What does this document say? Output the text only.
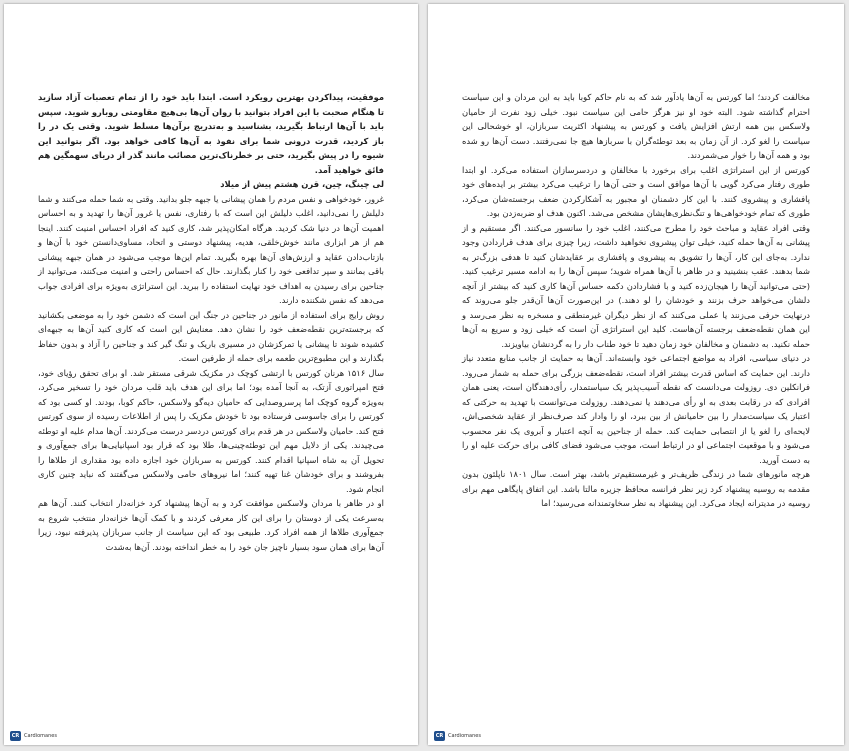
موفقیت، پیداکردن بهترین رویکرد است. ابتدا باید خود را از تمام تعصبات آزاد سازید تا هنگام صحبت با این افراد بتوانید با روان آن‌ها بی‌هیچ مقاومتی روبارو شوید. سپس باید با آن‌ها ارتباط بگیرید، بشناسید و به‌تدریج برآن‌ها مسلط شوید. وقتی یک در را باز کردید، قدرت درونی شما برای نفوذ به آن‌ها کافی خواهد بود. اگر بتوانید این شیوه را در پیش بگیرید، حتی بر خطرناک‌ترین مصائب مانند گذر از دریای سهمگین هم فائق خواهید آمد.

لی چینگ، چین، قرن هشتم پیش از میلاد

غرور، خودخواهی و نفس مردم را همان پیشانی یا جبهه جلو بدانید. وقتی به شما حمله می‌کنند و شما دلیلش را نمی‌دانید، اغلب دلیلش این است که با رفتاری، نفس یا غرور آن‌ها را تهدید و به احساس اهمیت آن‌ها در دنیا شک کردید. هرگاه امکان‌پذیر شد، کاری کنید که افراد احساس امنیت کنند. اینجا هم از هر ابزاری مانند خوش‌خلقی، هدیه، پیشنهاد دوستی و اتحاد، مساوی‌دانستن خود با آن‌ها و بازتاب‌دادن عقاید و ارزش‌های آن‌ها بهره بگیرید. تمام این‌ها موجب می‌شود در همان جبهه پیشانی باقی بمانند و سپر تدافعی خود را کنار بگذارند. حال که احساس راحتی و امنیت می‌کنند، می‌توانید از جناحین برای رسیدن به اهداف خود نهایت استفاده را ببرید. این استراتژی به‌ویژه برای افرادی جواب می‌دهد که نفس شکننده دارند.

روش رایج برای استفاده از مانور در جناحین در جنگ این است که دشمن خود را به موضعی بکشانید که برجسته‌ترین نقطه‌ضعف خود را نشان دهد. معنایش این است که کاری کنید آن‌ها به جبهه‌ای کشیده شوند تا پیشانی یا تمرکزشان در مسیری باریک و تنگ گیر کند و جناحین را آزاد و بدون حفاظ بگذارند و این مطبوع‌ترین طعمه برای حمله از طرفین است.

سال ۱۵۱۶ هرنان کورتس با ارتشی کوچک در مکزیک شرقی مستقر شد. او برای تحقق رؤیای خود، فتح امپراتوری آزتک، به آنجا آمده بود؛ اما برای این هدف باید قلب مردان خود را تسخیر می‌کرد، به‌ویژه گروه کوچک اما پرسروصدایی که حامیان دیه‌گو ولاسکس، حاکم کوبا، بودند. او کسی بود که کورتس را برای جاسوسی فرستاده بود تا خودش مکزیک را پس از اطلاعات رسیده از سوی کورتس فتح کند. حامیان ولاسکس در هر قدم برای کورتس دردسر درست می‌کردند. آن‌ها مدام علیه او توطئه می‌چیدند. یکی از دلایل مهم این توطئه‌چینی‌ها، طلا بود که قرار بود اسپانیایی‌ها برای جمع‌آوری و تحویل آن به شاه اسپانیا اقدام کنند. کورتس به سربازان خود اجازه داده بود مقداری از طلاها را بفروشند و برای خودشان غنا تهیه کنند؛ اما نیروهای حامی ولاسکس می‌گفتند که نباید چنین کاری انجام شود.

او در ظاهر با مردان ولاسکس موافقت کرد و به آن‌ها پیشنهاد کرد خزانه‌دار انتخاب کنند. آن‌ها هم به‌سرعت یکی از دوستان را برای این کار معرفی کردند و با کمک آن‌ها خزانه‌دار منتخب شروع به جمع‌آوری طلاها از همه افراد کرد. طبیعی بود که این سیاست از جانب سربازان پذیرفته نبود، زیرا آن‌ها برای همان سود بسیار ناچیز جان خود را به خطر انداخته بودند. آن‌ها به‌شدت

CR Cardiomanes

مخالفت کردند؛ اما کورتس به آن‌ها یادآور شد که به نام حاکم کوبا باید به این مردان و این سیاست احترام گذاشته شود. البته خود او نیز هرگز حامی این سیاست نبود. خیلی زود نفرت از حامیان ولاسکس بین همه ارتش افزایش یافت و کورتس به پیشنهاد اکثریت سربازان، او خوشحالی این سیاست را لغو کرد. از آن زمان به بعد توطئه‌گران با سربازها هیچ جا نمی‌رفتند. دست آن‌ها رو شده بود و همه آن‌ها را خوار می‌شمردند.

کورتس از این استراتژی اغلب برای برخورد با مخالفان و دردسرسازان استفاده می‌کرد. او ابتدا طوری رفتار می‌کرد گویی با آن‌ها موافق است و حتی آن‌ها را ترغیب می‌کرد بیشتر بر ایده‌های خود پافشاری و پیشروی کنند. با این کار دشمنان او مجبور به آشکارکردن ضعف برجسته‌شان می‌کرد، طوری که تمام خودخواهی‌ها و تنگ‌نظری‌هایشان مشخص می‌شد. اکنون هدف او ضربه‌زدن بود.

وقتی افراد عقاید و مباحث خود را مطرح می‌کنند، اغلب خود را سانسور می‌کنند. اگر مستقیم و از پیشانی به آن‌ها حمله کنید، خیلی توان پیشروی نخواهید داشت، زیرا چیزی برای هدف قراردادن وجود ندارد. به‌جای این کار، آن‌ها را تشویق به پیشروی و پافشاری بر عقایدشان کنید تا هدفی بزرگ‌تر به شما بدهند. عقب بنشینید و در ظاهر با آن‌ها همراه شوید؛ سپس آن‌ها را به ادامه مسیر ترغیب کنید. (حتی می‌توانید آن‌ها را هیجان‌زده کنید و با فشاردادن دکمه حساس آن‌ها کاری کنید که بیشتر از آنچه دلشان می‌خواهد حرف بزنند و خودشان را لو دهند.) در این‌صورت آن‌ها آن‌قدر جلو می‌روند که درنهایت حرفی می‌زنند یا عملی می‌کنند که از نظر دیگران غیرمنطقی و مسخره به نظر می‌رسد و این همان نقطه‌ضعف برجسته آن‌هاست. کلید این استراتژی آن است که خیلی زود و سریع به آن‌ها حمله نکنید. به دشمنان و مخالفان خود زمان دهید تا خود طناب دار را به گردنشان بیاویزند.

در دنیای سیاسی، افراد به مواضع اجتماعی خود وابسته‌اند. آن‌ها به حمایت از جانب منابع متعدد نیاز دارند. این حمایت که اساس قدرت بیشتر افراد است، نقطه‌ضعف بزرگی برای حمله به شمار می‌رود. فرانکلین دی. روزولت می‌دانست که نقطه آسیب‌پذیر یک سیاستمدار، رأی‌دهندگان است، یعنی همان افرادی که در رقابت بعدی به او رأی می‌دهند یا نمی‌دهند. روزولت می‌توانست با تهدید به حرکتی که اعتبار یک سیاست‌مدار را بین حامیانش از بین ببرد، او را وادار کند صرف‌نظر از عقاید شخصی‌اش، لایحه‌ای را لغو یا از انتصابی حمایت کند. حمله از جناحین به آنچه اعتبار و آبروی یک نفر محسوب می‌شود و با موقعیت اجتماعی او در ارتباط است، موجب می‌شود فضای کافی برای حرکت علیه او را به دست آورید.

هرچه مانورهای شما در زندگی ظریف‌تر و غیرمستقیم‌تر باشد، بهتر است. سال ۱۸۰۱ ناپلئون بدون مقدمه به روسیه پیشنهاد کرد زیر نظر فرانسه محافظ جزیره مالتا باشد. این اتفاق پایگاهی مهم برای روسیه در مدیترانه ایجاد می‌کرد. این پیشنهاد به نظر سخاوتمندانه می‌رسید؛ اما

CR Cardiomanes
